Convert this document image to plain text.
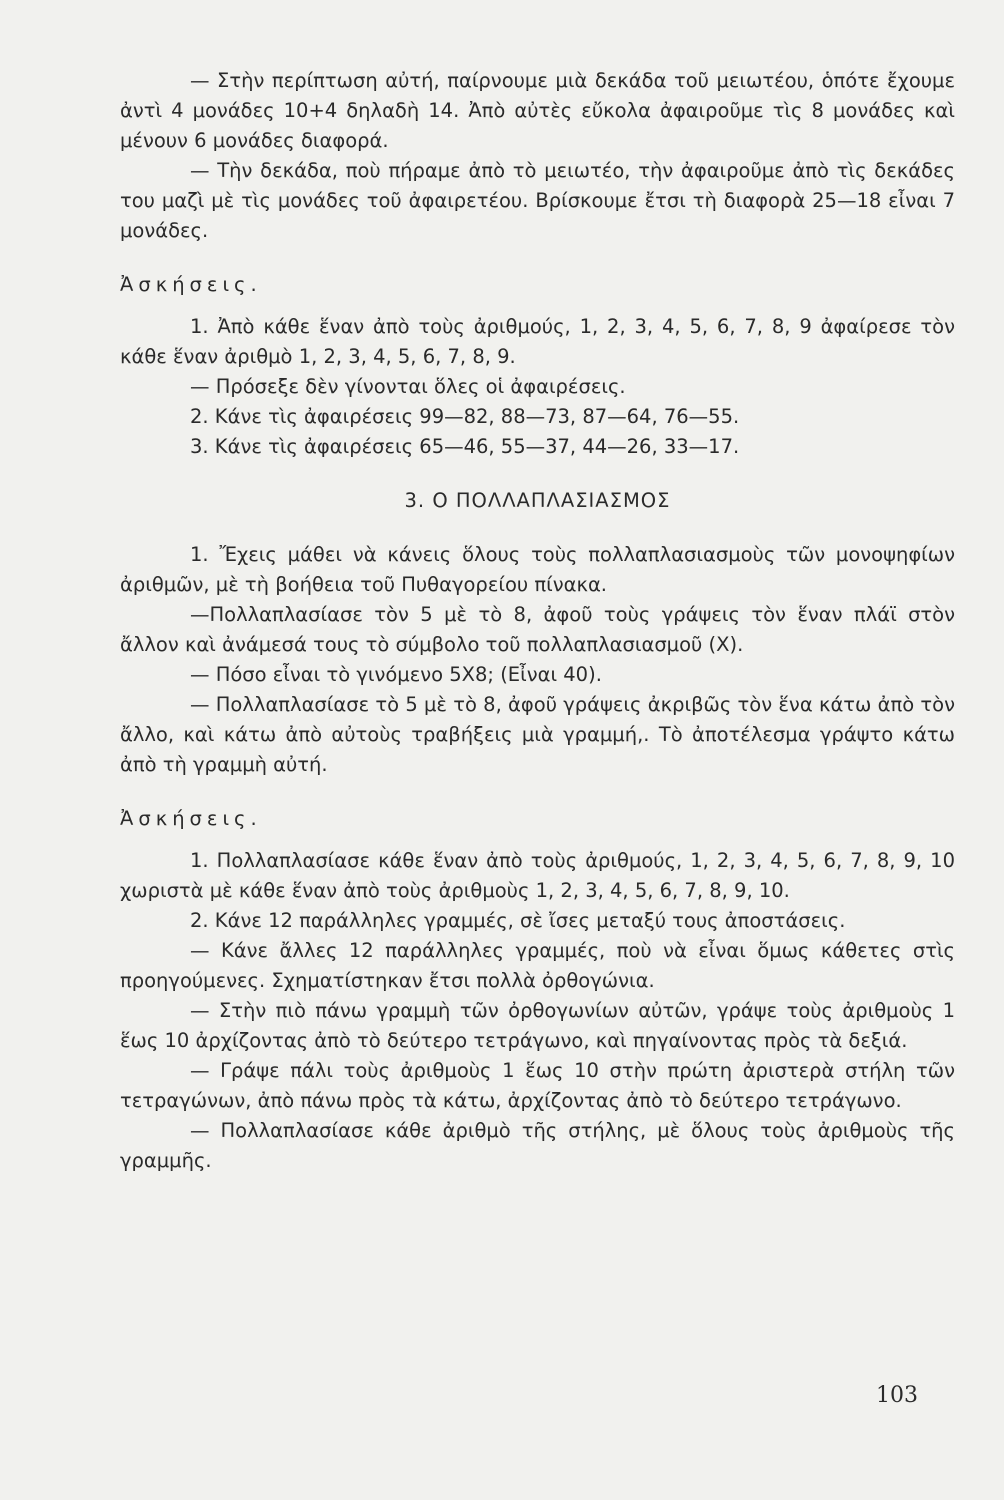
— Στὴν περίπτωση αὐτή, παίρνουμε μιὰ δεκάδα τοῦ μειωτέου, ὁπότε ἔχουμε ἀντὶ 4 μονάδες 10+4 δηλαδὴ 14. Ἀπὸ αὐτὲς εὔκολα ἀφαιροῦμε τὶς 8 μονάδες καὶ μένουν 6 μονάδες διαφορά.

— Τὴν δεκάδα, ποὺ πήραμε ἀπὸ τὸ μειωτέο, τὴν ἀφαιροῦμε ἀπὸ τὶς δεκάδες του μαζὶ μὲ τὶς μονάδες τοῦ ἀφαιρετέου. Βρίσκουμε ἔτσι τὴ διαφορὰ 25—18 εἶναι 7 μονάδες.

Ἀσκήσεις.

1. Ἀπὸ κάθε ἕναν ἀπὸ τοὺς ἀριθμούς, 1, 2, 3, 4, 5, 6, 7, 8, 9 ἀφαίρεσε τὸν κάθε ἕναν ἀριθμὸ 1, 2, 3, 4, 5, 6, 7, 8, 9.

— Πρόσεξε δὲν γίνονται ὅλες οἱ ἀφαιρέσεις.

2. Κάνε τὶς ἀφαιρέσεις 99—82, 88—73, 87—64, 76—55.

3. Κάνε τὶς ἀφαιρέσεις 65—46, 55—37, 44—26, 33—17.

3. Ο ΠΟΛΛΑΠΛΑΣΙΑΣΜΟΣ

1. Ἔχεις μάθει νὰ κάνεις ὅλους τοὺς πολλαπλασιασμοὺς τῶν μονοψηφίων ἀριθμῶν, μὲ τὴ βοήθεια τοῦ Πυθαγορείου πίνακα.

—Πολλαπλασίασε τὸν 5 μὲ τὸ 8, ἀφοῦ τοὺς γράψεις τὸν ἕναν πλάϊ στὸν ἄλλον καὶ ἀνάμεσά τους τὸ σύμβολο τοῦ πολλαπλασιασμοῦ (Χ).

— Πόσο εἶναι τὸ γινόμενο 5Χ8; (Εἶναι 40).

— Πολλαπλασίασε τὸ 5 μὲ τὸ 8, ἀφοῦ γράψεις ἀκριβῶς τὸν ἕνα κάτω ἀπὸ τὸν ἄλλο, καὶ κάτω ἀπὸ αὐτοὺς τραβήξεις μιὰ γραμμή,. Τὸ ἀποτέλεσμα γράψτο κάτω ἀπὸ τὴ γραμμὴ αὐτή.

Ἀσκήσεις.

1. Πολλαπλασίασε κάθε ἕναν ἀπὸ τοὺς ἀριθμούς, 1, 2, 3, 4, 5, 6, 7, 8, 9, 10 χωριστὰ μὲ κάθε ἕναν ἀπὸ τοὺς ἀριθμοὺς 1, 2, 3, 4, 5, 6, 7, 8, 9, 10.

2. Κάνε 12 παράλληλες γραμμές, σὲ ἴσες μεταξύ τους ἀποστάσεις.

— Κάνε ἄλλες 12 παράλληλες γραμμές, ποὺ νὰ εἶναι ὅμως κάθετες στὶς προηγούμενες. Σχηματίστηκαν ἔτσι πολλὰ ὀρθογώνια.

— Στὴν πιὸ πάνω γραμμὴ τῶν ὀρθογωνίων αὐτῶν, γράψε τοὺς ἀριθμοὺς 1 ἕως 10 ἀρχίζοντας ἀπὸ τὸ δεύτερο τετράγωνο, καὶ πηγαίνοντας πρὸς τὰ δεξιά.

— Γράψε πάλι τοὺς ἀριθμοὺς 1 ἕως 10 στὴν πρώτη ἀριστερὰ στήλη τῶν τετραγώνων, ἀπὸ πάνω πρὸς τὰ κάτω, ἀρχίζοντας ἀπὸ τὸ δεύτερο τετράγωνο.

— Πολλαπλασίασε κάθε ἀριθμὸ τῆς στήλης, μὲ ὅλους τοὺς ἀριθμοὺς τῆς γραμμῆς.

103
